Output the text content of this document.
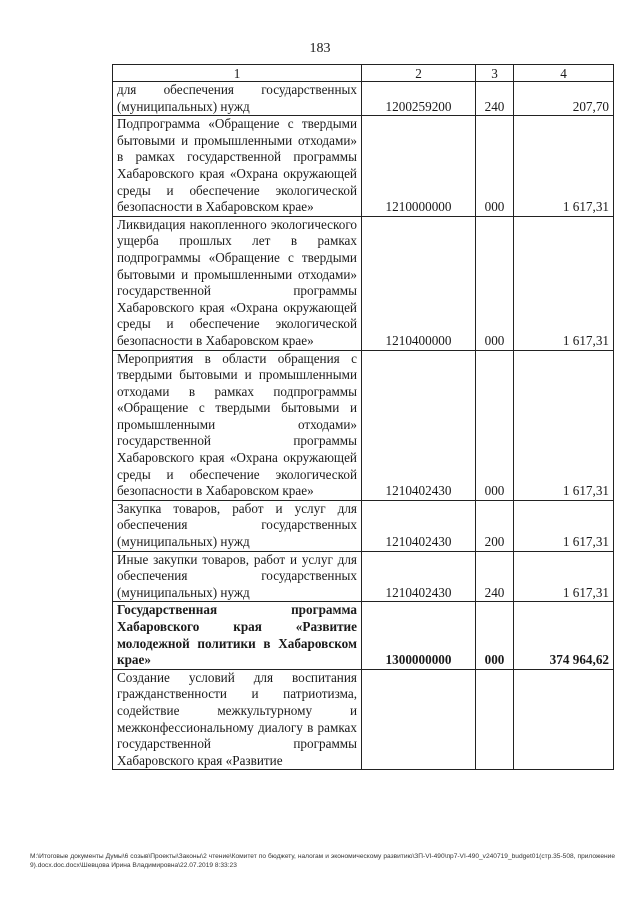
183
1	2	3	4
для обеспечения государственных (муниципальных) нужд	1200259200	240	207,70
Подпрограмма «Обращение с твердыми бытовыми и промышленными отходами» в рамках государственной программы Хабаровского края «Охрана окружающей среды и обеспечение экологической безопасности в Хабаровском крае»	1210000000	000	1 617,31
Ликвидация накопленного экологического ущерба прошлых лет в рамках подпрограммы «Обращение с твердыми бытовыми и промышленными отходами» государственной программы Хабаровского края «Охрана окружающей среды и обеспечение экологической безопасности в Хабаровском крае»	1210400000	000	1 617,31
Мероприятия в области обращения с твердыми бытовыми и промышленными отходами в рамках подпрограммы «Обращение с твердыми бытовыми и промышленными отходами» государственной программы Хабаровского края «Охрана окружающей среды и обеспечение экологической безопасности в Хабаровском крае»	1210402430	000	1 617,31
Закупка товаров, работ и услуг для обеспечения государственных (муниципальных) нужд	1210402430	200	1 617,31
Иные закупки товаров, работ и услуг для обеспечения государственных (муниципальных) нужд	1210402430	240	1 617,31
Государственная программа Хабаровского края «Развитие молодежной политики в Хабаровском крае»	1300000000	000	374 964,62
Создание условий для воспитания гражданственности и патриотизма, содействие межкультурному и межконфессиональному диалогу в рамках государственной программы Хабаровского края «Развитие			
M:\Итоговые документы Думы\6 созыв\Проекты\Законы\2 чтение\Комитет по бюджету, налогам и экономическому развитию\ЗП-VI-490\пр7-VI-490_v240719_budget01(стр.35-508, приложение 9).docx.doc.docx\Шевцова Ирина Владимировна\22.07.2019 8:33:23
